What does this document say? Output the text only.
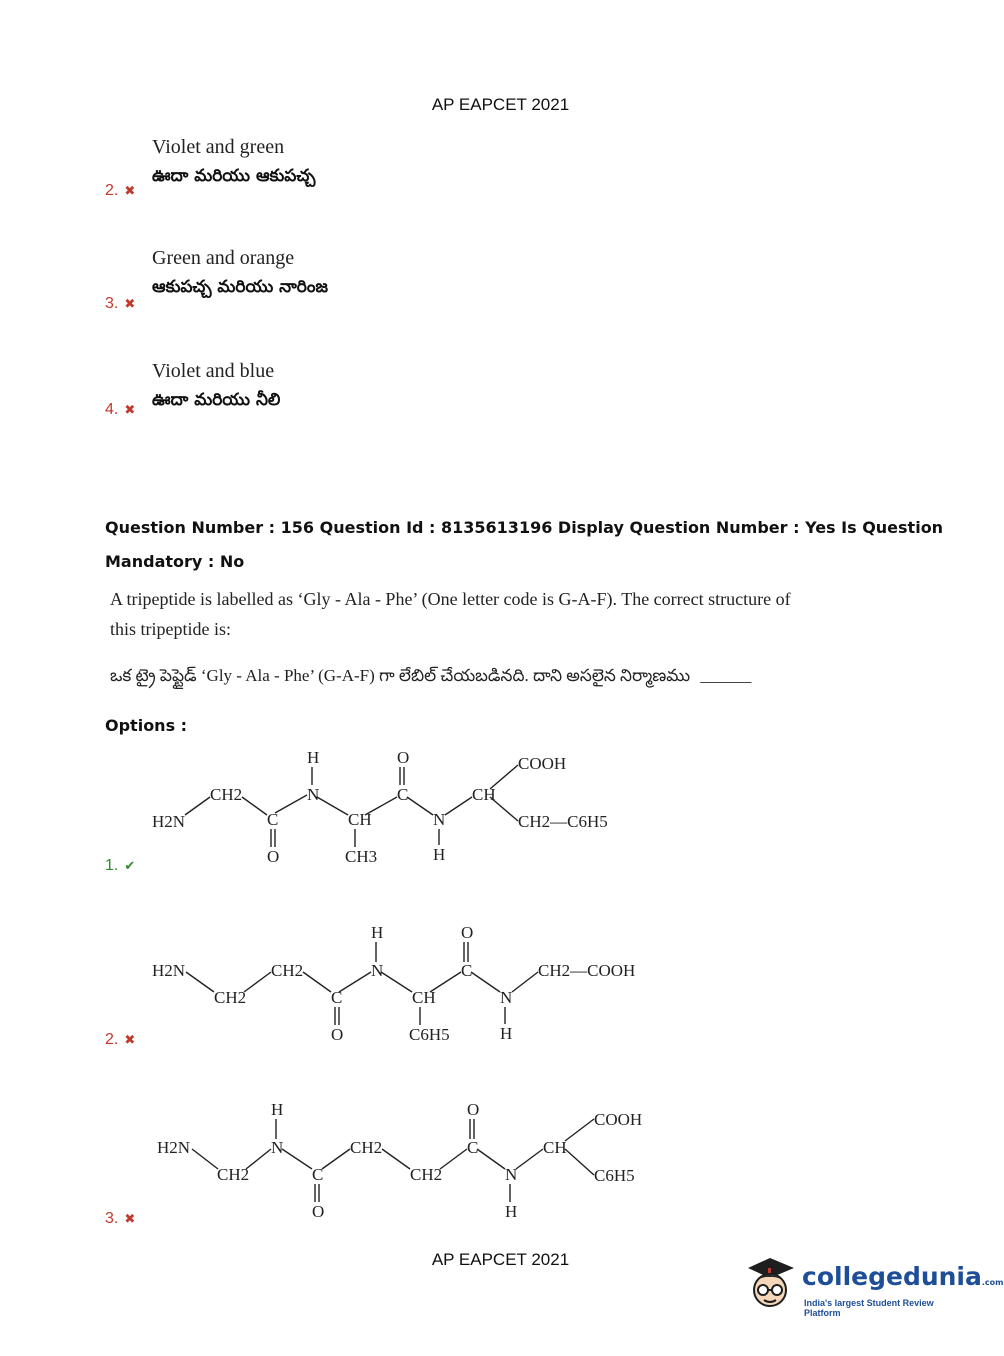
AP EAPCET 2021
Violet and green
ఊదా మరియు ఆకుపచ్చ
2. ✖
Green and orange
ఆకుపచ్చ మరియు నారింజ
3. ✖
Violet and blue
ఊదా మరియు నీలి
4. ✖
Question Number : 156 Question Id : 8135613196 Display Question Number : Yes Is Question
Mandatory : No
A tripeptide is labelled as ‘Gly - Ala - Phe’ (One letter code is G-A-F). The correct structure of
this tripeptide is:
ఒక ట్రై పెప్టైడ్ ‘Gly - Ala - Phe’ (G-A-F) గా లేబిల్ చేయబడినది. దాని అసలైన నిర్మాణము ______
Options :
H2N
CH2
C
O
N
H
CH
CH3
C
O
N
H
CH
COOH
CH2—C6H5
1. ✔
H2N
CH2
CH2
C
O
N
H
CH
C6H5
C
O
N
H
CH2—COOH
2. ✖
H2N
CH2
N
H
C
O
CH2
CH2
C
O
N
H
CH
COOH
C6H5
3. ✖
AP EAPCET 2021
collegedunia.com
India's largest Student Review Platform
